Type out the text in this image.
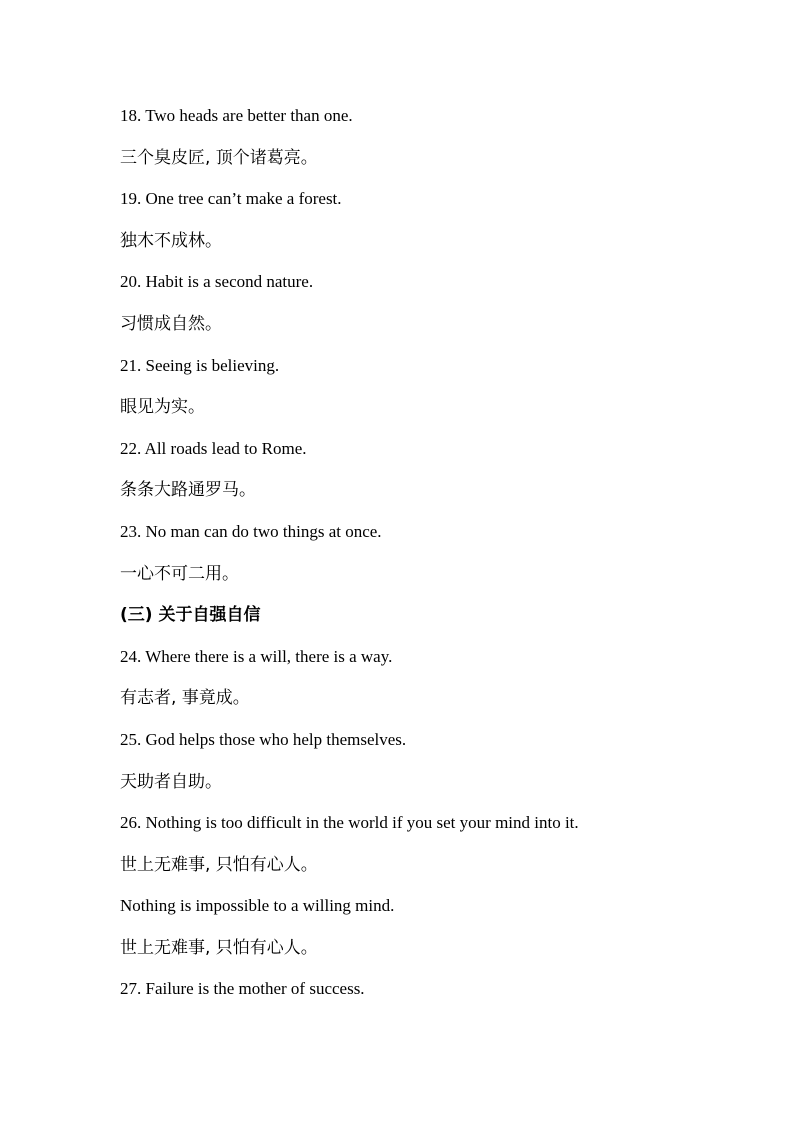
18. Two heads are better than one.
三个臭皮匠, 顶个诸葛亮。
19. One tree can’t make a forest.
独木不成林。
20. Habit is a second nature.
习惯成自然。
21. Seeing is believing.
眼见为实。
22. All roads lead to Rome.
条条大路通罗马。
23. No man can do two things at once.
一心不可二用。
(三) 关于自强自信
24. Where there is a will, there is a way.
有志者, 事竟成。
25. God helps those who help themselves.
天助者自助。
26. Nothing is too difficult in the world if you set your mind into it.
世上无难事, 只怕有心人。
Nothing is impossible to a willing mind.
世上无难事, 只怕有心人。
27. Failure is the mother of success.
